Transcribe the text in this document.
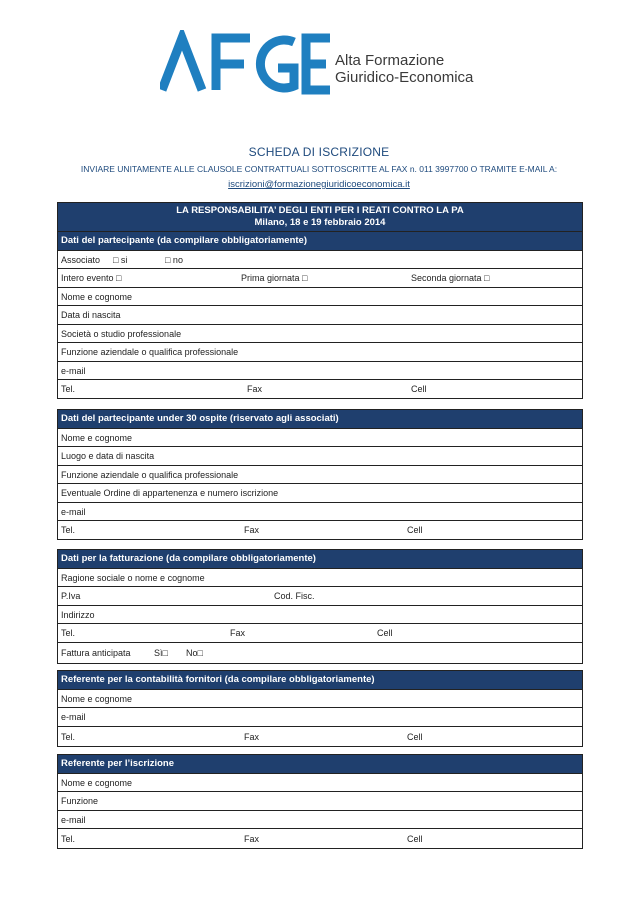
AFGE
Alta Formazione
Giuridico-Economica
SCHEDA DI ISCRIZIONE
INVIARE UNITAMENTE ALLE CLAUSOLE CONTRATTUALI SOTTOSCRITTE AL FAX n. 011 3997700 O TRAMITE E-MAIL A:
iscrizioni@formazionegiuridicoeconomica.it
LA RESPONSABILITA’ DEGLI ENTI PER I REATI CONTRO LA PA
Milano, 18 e 19 febbraio 2014
Dati del partecipante (da compilare obbligatoriamente)
Associato □ si	□ no
Intero evento □	Prima giornata □	Seconda giornata □
Nome e cognome
Data di nascita
Società o studio professionale
Funzione aziendale o qualifica professionale
e-mail
Tel.	Fax	Cell
Dati del partecipante under 30 ospite (riservato agli associati)
Nome e cognome
Luogo e data di nascita
Funzione aziendale o qualifica professionale
Eventuale Ordine di appartenenza e numero iscrizione
e-mail
Tel.	Fax	Cell
Dati per la fatturazione (da compilare obbligatoriamente)
Ragione sociale o nome e cognome
P.Iva	Cod. Fisc.
Indirizzo
Tel.	Fax	Cell
Fattura anticipata	Sì□ No□
Referente per la contabilità fornitori (da compilare obbligatoriamente)
Nome e cognome
e-mail
Tel.	Fax	Cell
Referente per l’iscrizione
Nome e cognome
Funzione
e-mail
Tel.	Fax	Cell
